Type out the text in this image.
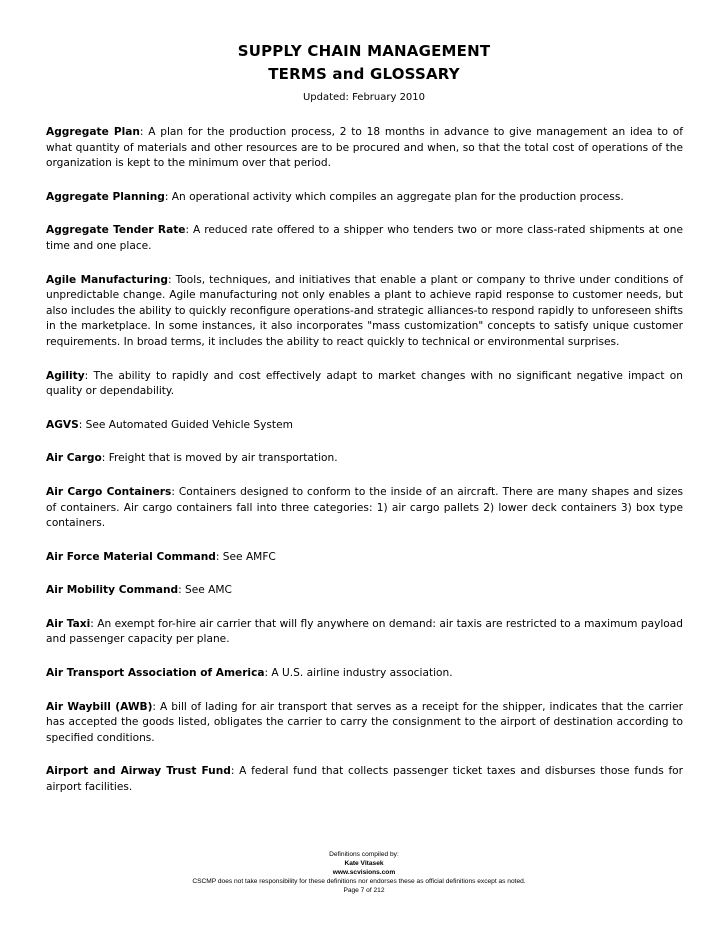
SUPPLY CHAIN MANAGEMENT
TERMS and GLOSSARY
Updated: February 2010

Aggregate Plan: A plan for the production process, 2 to 18 months in advance to give management an idea to of what quantity of materials and other resources are to be procured and when, so that the total cost of operations of the organization is kept to the minimum over that period.

Aggregate Planning: An operational activity which compiles an aggregate plan for the production process.

Aggregate Tender Rate: A reduced rate offered to a shipper who tenders two or more class-rated shipments at one time and one place.

Agile Manufacturing: Tools, techniques, and initiatives that enable a plant or company to thrive under conditions of unpredictable change. Agile manufacturing not only enables a plant to achieve rapid response to customer needs, but also includes the ability to quickly reconfigure operations-and strategic alliances-to respond rapidly to unforeseen shifts in the marketplace. In some instances, it also incorporates "mass customization" concepts to satisfy unique customer requirements. In broad terms, it includes the ability to react quickly to technical or environmental surprises.

Agility: The ability to rapidly and cost effectively adapt to market changes with no significant negative impact on quality or dependability.

AGVS: See Automated Guided Vehicle System

Air Cargo: Freight that is moved by air transportation.

Air Cargo Containers: Containers designed to conform to the inside of an aircraft. There are many shapes and sizes of containers. Air cargo containers fall into three categories: 1) air cargo pallets 2) lower deck containers 3) box type containers.

Air Force Material Command: See AMFC

Air Mobility Command: See AMC

Air Taxi: An exempt for-hire air carrier that will fly anywhere on demand: air taxis are restricted to a maximum payload and passenger capacity per plane.

Air Transport Association of America: A U.S. airline industry association.

Air Waybill (AWB): A bill of lading for air transport that serves as a receipt for the shipper, indicates that the carrier has accepted the goods listed, obligates the carrier to carry the consignment to the airport of destination according to specified conditions.

Airport and Airway Trust Fund: A federal fund that collects passenger ticket taxes and disburses those funds for airport facilities.

Definitions compiled by:
Kate Vitasek
www.scvisions.com
CSCMP does not take responsibility for these definitions nor endorses these as official definitions except as noted.
Page 7 of 212
